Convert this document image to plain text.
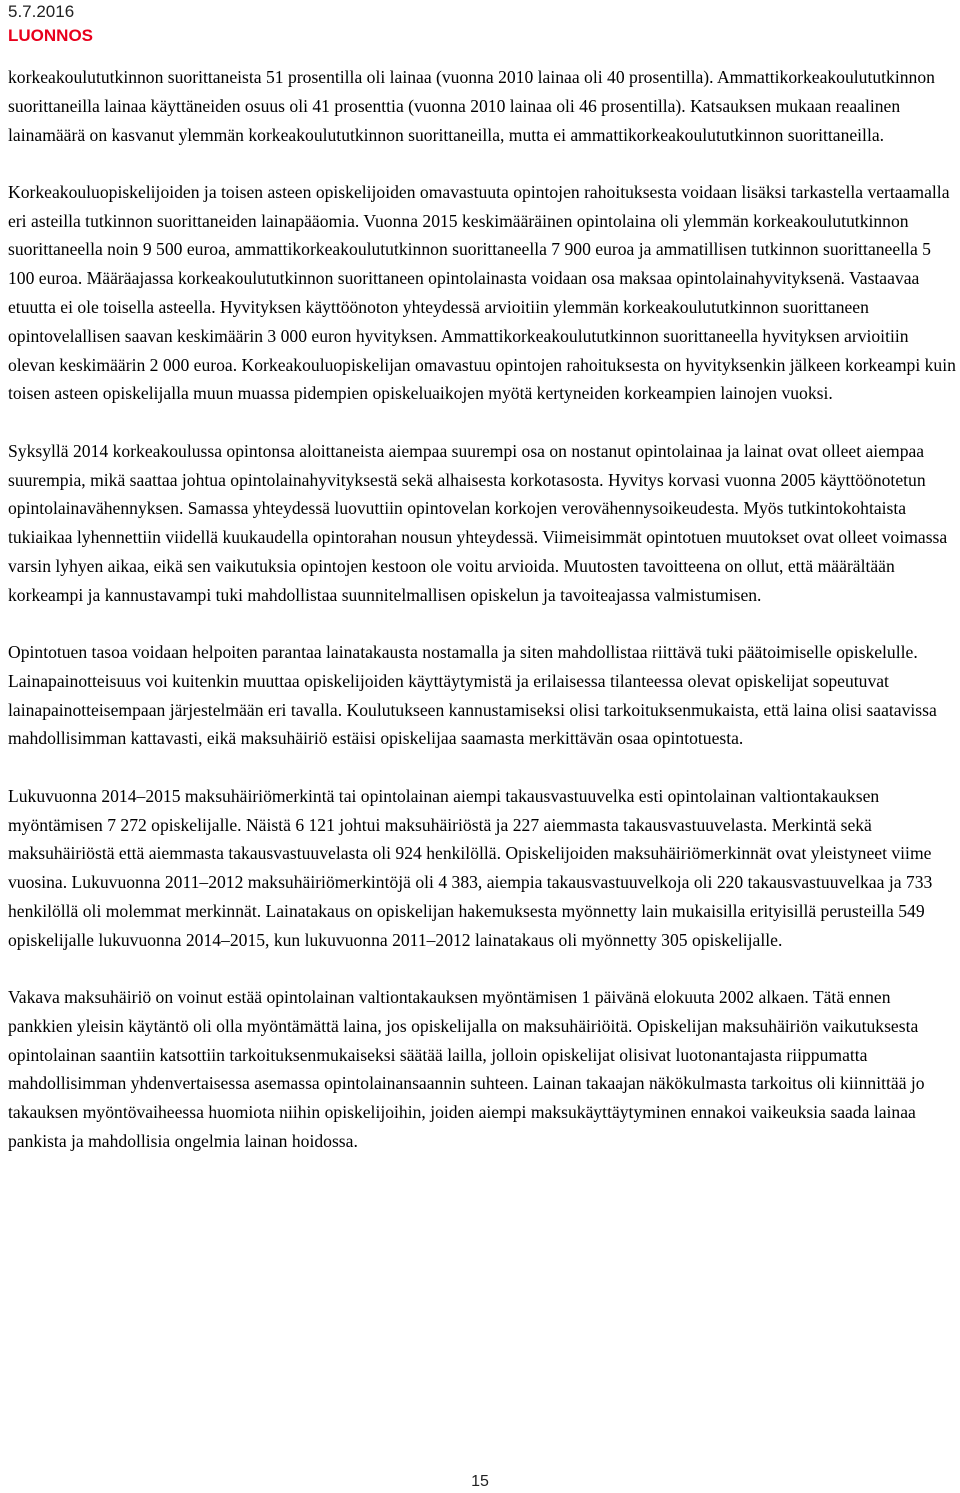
5.7.2016
LUONNOS

korkeakoulututkinnon suorittaneista 51 prosentilla oli lainaa (vuonna 2010 lainaa oli 40 prosentilla). Ammattikorkeakoulututkinnon suorittaneilla lainaa käyttäneiden osuus oli 41 prosenttia (vuonna 2010 lainaa oli 46 prosentilla). Katsauksen mukaan reaalinen lainamäärä on kasvanut ylemmän korkeakoulututkinnon suorittaneilla, mutta ei ammattikorkeakoulututkinnon suorittaneilla.

Korkeakouluopiskelijoiden ja toisen asteen opiskelijoiden omavastuuta opintojen rahoituksesta voidaan lisäksi tarkastella vertaamalla eri asteilla tutkinnon suorittaneiden lainapääomia. Vuonna 2015 keskimääräinen opintolaina oli ylemmän korkeakoulututkinnon suorittaneella noin 9 500 euroa, ammattikorkeakoulututkinnon suorittaneella 7 900 euroa ja ammatillisen tutkinnon suorittaneella 5 100 euroa. Määräajassa korkeakoulututkinnon suorittaneen opintolainasta voidaan osa maksaa opintolainahyvityksenä. Vastaavaa etuutta ei ole toisella asteella. Hyvityksen käyttöönoton yhteydessä arvioitiin ylemmän korkeakoulututkinnon suorittaneen opintovelallisen saavan keskimäärin 3 000 euron hyvityksen. Ammattikorkeakoulututkinnon suorittaneella hyvityksen arvioitiin olevan keskimäärin 2 000 euroa. Korkeakouluopiskelijan omavastuu opintojen rahoituksesta on hyvityksenkin jälkeen korkeampi kuin toisen asteen opiskelijalla muun muassa pidempien opiskeluaikojen myötä kertyneiden korkeampien lainojen vuoksi.

Syksyllä 2014 korkeakoulussa opintonsa aloittaneista aiempaa suurempi osa on nostanut opintolainaa ja lainat ovat olleet aiempaa suurempia, mikä saattaa johtua opintolainahyvityksestä sekä alhaisesta korkotasosta. Hyvitys korvasi vuonna 2005 käyttöönotetun opintolainavähennyksen. Samassa yhteydessä luovuttiin opintovelan korkojen verovähennysoikeudesta. Myös tutkintokohtaista tukiaikaa lyhennettiin viidellä kuukaudella opintorahan nousun yhteydessä. Viimeisimmät opintotuen muutokset ovat olleet voimassa varsin lyhyen aikaa, eikä sen vaikutuksia opintojen kestoon ole voitu arvioida. Muutosten tavoitteena on ollut, että määrältään korkeampi ja kannustavampi tuki mahdollistaa suunnitelmallisen opiskelun ja tavoiteajassa valmistumisen.

Opintotuen tasoa voidaan helpoiten parantaa lainatakausta nostamalla ja siten mahdollistaa riittävä tuki päätoimiselle opiskelulle. Lainapainotteisuus voi kuitenkin muuttaa opiskelijoiden käyttäytymistä ja erilaisessa tilanteessa olevat opiskelijat sopeutuvat lainapainotteisempaan järjestelmään eri tavalla. Koulutukseen kannustamiseksi olisi tarkoituksenmukaista, että laina olisi saatavissa mahdollisimman kattavasti, eikä maksuhäiriö estäisi opiskelijaa saamasta merkittävän osaa opintotuesta.

Lukuvuonna 2014–2015 maksuhäiriömerkintä tai opintolainan aiempi takausvastuuvelka esti opintolainan valtiontakauksen myöntämisen 7 272 opiskelijalle. Näistä 6 121 johtui maksuhäiriöstä ja 227 aiemmasta takausvastuuvelasta. Merkintä sekä maksuhäiriöstä että aiemmasta takausvastuuvelasta oli 924 henkilöllä. Opiskelijoiden maksuhäiriömerkinnät ovat yleistyneet viime vuosina. Lukuvuonna 2011–2012 maksuhäiriömerkintöjä oli 4 383, aiempia takausvastuuvelkoja oli 220 takausvastuuvelkaa ja 733 henkilöllä oli molemmat merkinnät. Lainatakaus on opiskelijan hakemuksesta myönnetty lain mukaisilla erityisillä perusteilla 549 opiskelijalle lukuvuonna 2014–2015, kun lukuvuonna 2011–2012 lainatakaus oli myönnetty 305 opiskelijalle.

Vakava maksuhäiriö on voinut estää opintolainan valtiontakauksen myöntämisen 1 päivänä elokuuta 2002 alkaen. Tätä ennen pankkien yleisin käytäntö oli olla myöntämättä laina, jos opiskelijalla on maksuhäiriöitä. Opiskelijan maksuhäiriön vaikutuksesta opintolainan saantiin katsottiin tarkoituksenmukaiseksi säätää lailla, jolloin opiskelijat olisivat luotonantajasta riippumatta mahdollisimman yhdenvertaisessa asemassa opintolainansaannin suhteen. Lainan takaajan näkökulmasta tarkoitus oli kiinnittää jo takauksen myöntövaiheessa huomiota niihin opiskelijoihin, joiden aiempi maksukäyttäytyminen ennakoi vaikeuksia saada lainaa pankista ja mahdollisia ongelmia lainan hoidossa.

15
